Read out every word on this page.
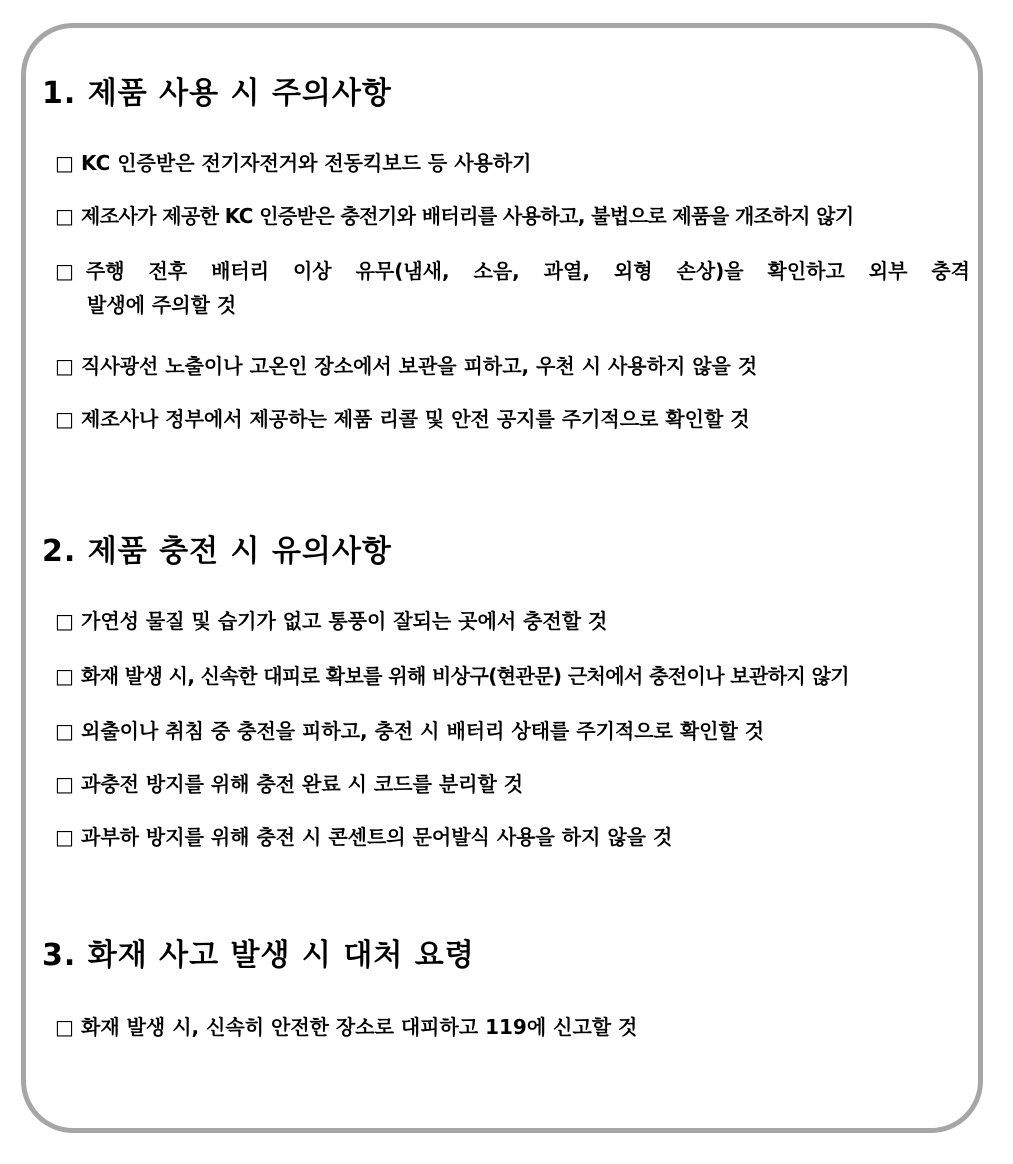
1. 제품 사용 시 주의사항
□ KC 인증받은 전기자전거와 전동킥보드 등 사용하기
□ 제조사가 제공한 KC 인증받은 충전기와 배터리를 사용하고, 불법으로 제품을 개조하지 않기
□ 주행 전후 배터리 이상 유무(냄새, 소음, 과열, 외형 손상)을 확인하고 외부 충격
발생에 주의할 것
□ 직사광선 노출이나 고온인 장소에서 보관을 피하고, 우천 시 사용하지 않을 것
□ 제조사나 정부에서 제공하는 제품 리콜 및 안전 공지를 주기적으로 확인할 것
2. 제품 충전 시 유의사항
□ 가연성 물질 및 습기가 없고 통풍이 잘되는 곳에서 충전할 것
□ 화재 발생 시, 신속한 대피로 확보를 위해 비상구(현관문) 근처에서 충전이나 보관하지 않기
□ 외출이나 취침 중 충전을 피하고, 충전 시 배터리 상태를 주기적으로 확인할 것
□ 과충전 방지를 위해 충전 완료 시 코드를 분리할 것
□ 과부하 방지를 위해 충전 시 콘센트의 문어발식 사용을 하지 않을 것
3. 화재 사고 발생 시 대처 요령
□ 화재 발생 시, 신속히 안전한 장소로 대피하고 119에 신고할 것
